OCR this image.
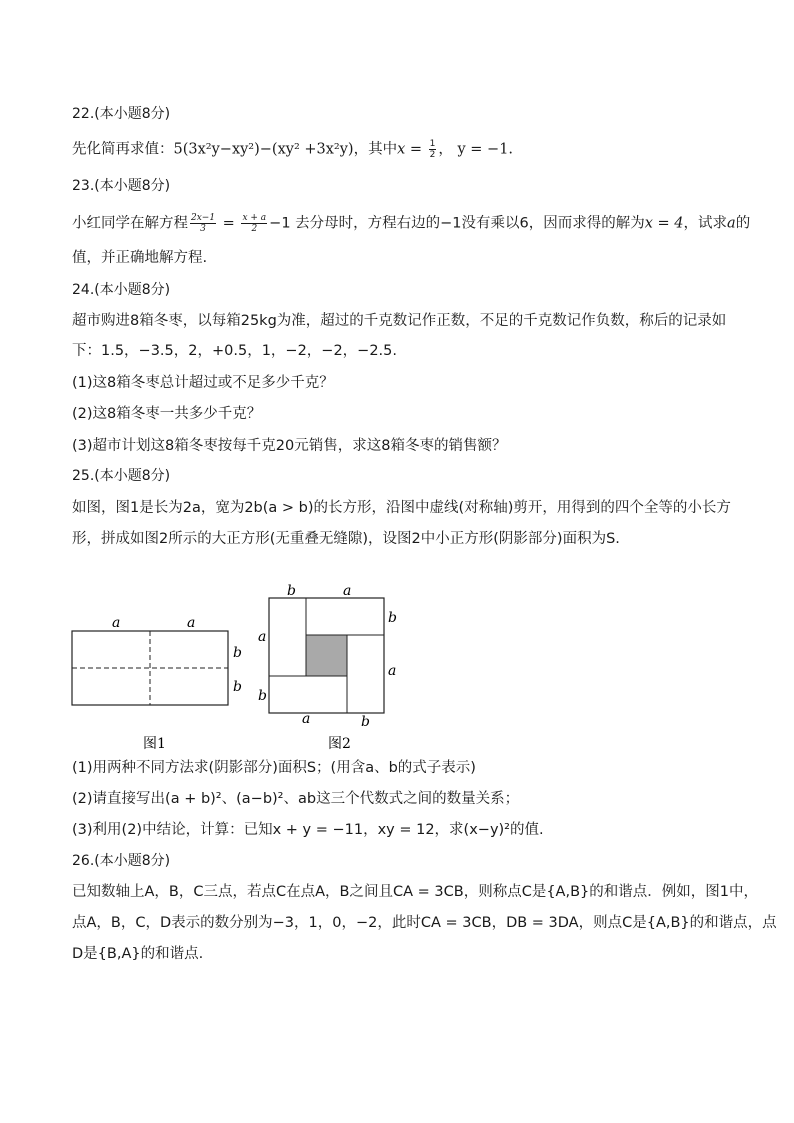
22.(本小题8分)
先化简再求值：5(3x²y−xy²)−(xy² +3x²y)，其中$x = \frac{1}{2}$ ， y = −1.
23.(本小题8分)
小红同学在解方程 $\frac{2x-1}{3} = \frac{x + a}{2} -1$ 去分母时，方程右边的−1没有乘以6，因而求得的解为x = 4，试求a的
值，并正确地解方程.
24.(本小题8分)
超市购进8箱冬枣，以每箱25kg为准，超过的千克数记作正数，不足的千克数记作负数，称后的记录如
下：1.5，−3.5，2，+0.5，1，−2，−2，−2.5.
(1)这8箱冬枣总计超过或不足多少千克？
(2)这8箱冬枣一共多少千克？
(3)超市计划这8箱冬枣按每千克20元销售，求这8箱冬枣的销售额？
25.(本小题8分)
如图，图1是长为2a，宽为2b(a > b)的长方形，沿图中虚线(对称轴)剪开，用得到的四个全等的小长方
形，拼成如图2所示的大正方形(无重叠无缝隙)，设图2中小正方形(阴影部分)面积为S.
a	a
b
b
图1
b	a
b
a
a
b
a	b
图2
(1)用两种不同方法求(阴影部分)面积S；(用含a、b的式子表示)
(2)请直接写出(a + b)²、(a−b)²、ab这三个代数式之间的数量关系；
(3)利用(2)中结论，计算：已知x + y = −11，xy = 12，求(x−y)²的值.
26.(本小题8分)
已知数轴上A，B，C三点，若点C在点A，B之间且CA = 3CB，则称点C是{A,B}的和谐点．例如，图1中，
点A，B，C，D表示的数分别为−3，1，0，−2，此时CA = 3CB，DB = 3DA，则点C是{A,B}的和谐点，点
D是{B,A}的和谐点.
